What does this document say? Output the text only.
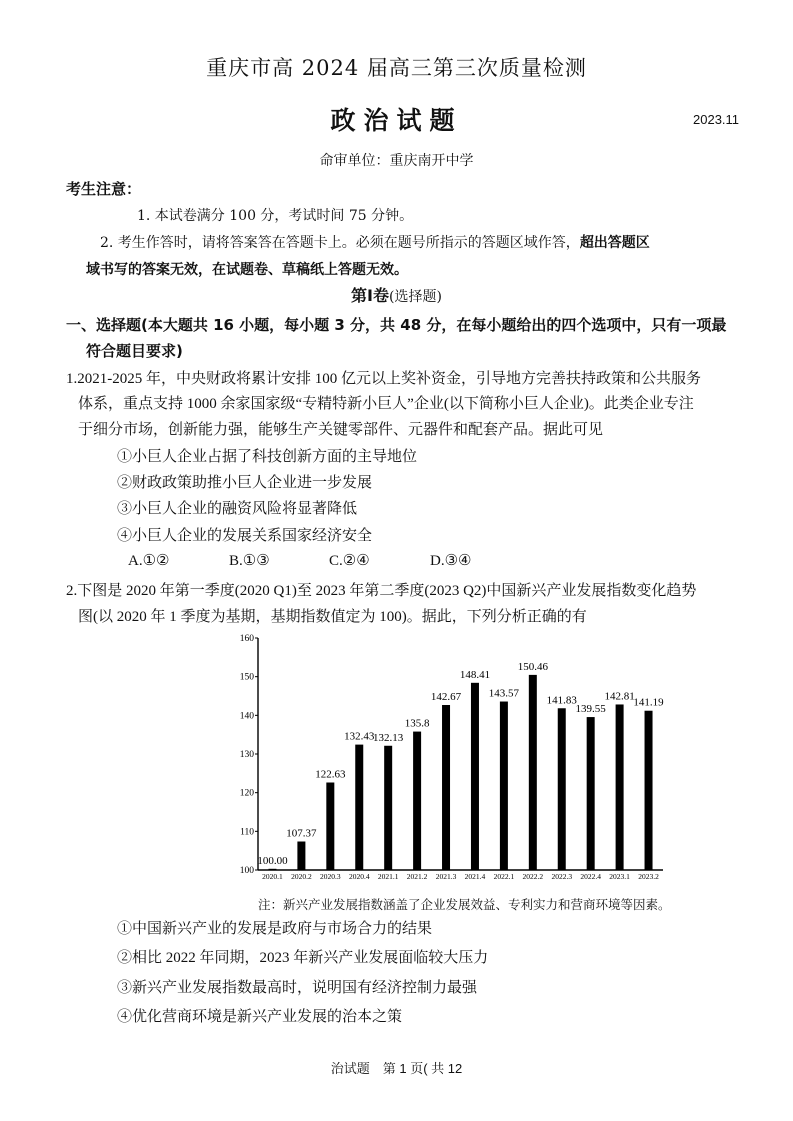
重庆市高 2024 届高三第三次质量检测
政治试题	2023.11
命审单位：重庆南开中学
考生注意：
1. 本试卷满分 100 分，考试时间 75 分钟。
2. 考生作答时，请将答案答在答题卡上。必须在题号所指示的答题区域作答，超出答题区
域书写的答案无效，在试题卷、草稿纸上答题无效。
第Ⅰ卷(选择题)
一、选择题(本大题共 16 小题，每小题 3 分，共 48 分，在每小题给出的四个选项中，只有一项最
符合题目要求)
1.2021-2025 年，中央财政将累计安排 100 亿元以上奖补资金，引导地方完善扶持政策和公共服务
体系，重点支持 1000 余家国家级“专精特新小巨人”企业(以下简称小巨人企业)。此类企业专注
于细分市场，创新能力强，能够生产关键零部件、元器件和配套产品。据此可见
①小巨人企业占据了科技创新方面的主导地位
②财政政策助推小巨人企业进一步发展
③小巨人企业的融资风险将显著降低
④小巨人企业的发展关系国家经济安全
A.①②	B.①③	C.②④	D.③④
2.下图是 2020 年第一季度(2020 Q1)至 2023 年第二季度(2023 Q2)中国新兴产业发展指数变化趋势
图(以 2020 年 1 季度为基期，基期指数值定为 100)。据此，下列分析正确的有
100.00
107.37
122.63
132.43
132.13
135.8
142.67
148.41
143.57
150.46
141.83
139.55
142.81
141.19
100
110
120
130
140
150
160
2020.1 2020.2 2020.3 2020.4 2021.1 2021.2 2021.3 2021.4 2022.1 2022.2 2022.3 2022.4 2023.1 2023.2
注：新兴产业发展指数涵盖了企业发展效益、专利实力和营商环境等因素。
①中国新兴产业的发展是政府与市场合力的结果
②相比 2022 年同期，2023 年新兴产业发展面临较大压力
③新兴产业发展指数最高时，说明国有经济控制力最强
④优化营商环境是新兴产业发展的治本之策
治试题　第 1 页( 共 12
